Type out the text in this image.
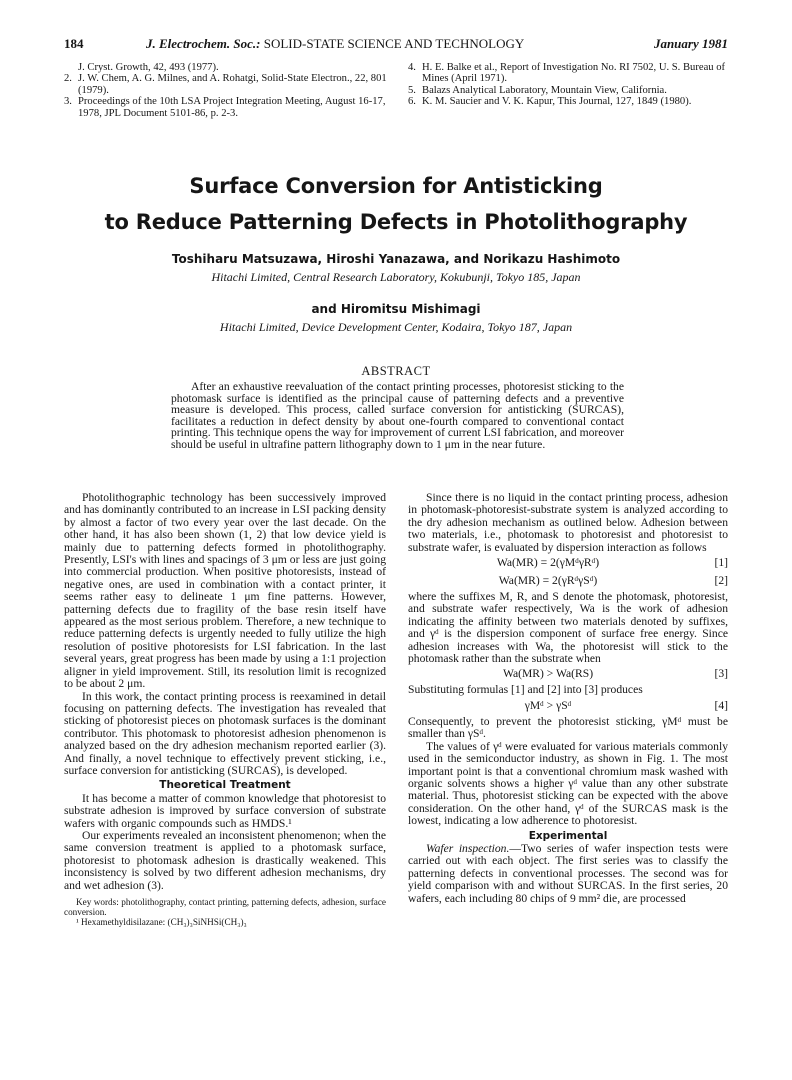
184	J. Electrochem. Soc.: SOLID-STATE SCIENCE AND TECHNOLOGY	January 1981
J. Cryst. Growth, 42, 493 (1977).
2. J. W. Chem, A. G. Milnes, and A. Rohatgi, Solid-State Electron., 22, 801 (1979).
3. Proceedings of the 10th LSA Project Integration Meeting, August 16-17, 1978, JPL Document 5101-86, p. 2-3.
4. H. E. Balke et al., Report of Investigation No. RI 7502, U. S. Bureau of Mines (April 1971).
5. Balazs Analytical Laboratory, Mountain View, California.
6. K. M. Saucier and V. K. Kapur, This Journal, 127, 1849 (1980).
Surface Conversion for Antisticking
to Reduce Patterning Defects in Photolithography
Toshiharu Matsuzawa, Hiroshi Yanazawa, and Norikazu Hashimoto
Hitachi Limited, Central Research Laboratory, Kokubunji, Tokyo 185, Japan
and Hiromitsu Mishimagi
Hitachi Limited, Device Development Center, Kodaira, Tokyo 187, Japan
ABSTRACT
After an exhaustive reevaluation of the contact printing processes, photoresist sticking to the photomask surface is identified as the principal cause of patterning defects and a preventive measure is developed. This process, called surface conversion for antisticking (SURCAS), facilitates a reduction in defect density by about one-fourth compared to conventional contact printing. This technique opens the way for improvement of current LSI fabrication, and moreover should be useful in ultrafine pattern lithography down to 1 μm in the near future.

Photolithographic technology has been successively improved and has dominantly contributed to an increase in LSI packing density by almost a factor of two every year over the last decade. On the other hand, it has also been shown (1, 2) that low device yield is mainly due to patterning defects formed in photolithography. Presently, LSI's with lines and spacings of 3 μm or less are just going into commercial production. When positive photoresists, instead of negative ones, are used in combination with a contact printer, it seems rather easy to delineate 1 μm fine patterns. However, patterning defects due to fragility of the base resin itself have appeared as the most serious problem. Therefore, a new technique to reduce patterning defects is urgently needed to fully utilize the high resolution of positive photoresists for LSI fabrication. In the last several years, great progress has been made by using a 1:1 projection aligner in yield improvement. Still, its resolution limit is recognized to be about 2 μm.

In this work, the contact printing process is reexamined in detail focusing on patterning defects. The investigation has revealed that sticking of photoresist pieces on photomask surfaces is the dominant contributor. This photomask to photoresist adhesion phenomenon is analyzed based on the dry adhesion mechanism reported earlier (3). And finally, a novel technique to effectively prevent sticking, i.e., surface conversion for antisticking (SURCAS), is developed.

Theoretical Treatment

It has become a matter of common knowledge that photoresist to substrate adhesion is improved by surface conversion of substrate wafers with organic compounds such as HMDS.¹

Our experiments revealed an inconsistent phenomenon; when the same conversion treatment is applied to a photomask surface, photoresist to photomask adhesion is drastically weakened. This inconsistency is solved by two different adhesion mechanisms, dry and wet adhesion (3).

Key words: photolithography, contact printing, patterning defects, adhesion, surface conversion.

¹ Hexamethyldisilazane: (CH₃)₃SiNHSi(CH₃)₃

Since there is no liquid in the contact printing process, adhesion in photomask-photoresist-substrate system is analyzed according to the dry adhesion mechanism as outlined below. Adhesion between two materials, i.e., photomask to photoresist and photoresist to substrate wafer, is evaluated by dispersion interaction as follows

Wa(MR) = 2(γMᵈγRᵈ)	[1]
Wa(MR) = 2(γRᵈγSᵈ)	[2]

where the suffixes M, R, and S denote the photomask, photoresist, and substrate wafer respectively, Wa is the work of adhesion indicating the affinity between two materials denoted by suffixes, and γᵈ is the dispersion component of surface free energy. Since adhesion increases with Wa, the photoresist will stick to the photomask rather than the substrate when

Wa(MR) > Wa(RS)	[3]

Substituting formulas [1] and [2] into [3] produces

γMᵈ > γSᵈ	[4]

Consequently, to prevent the photoresist sticking, γMᵈ must be smaller than γSᵈ.

The values of γᵈ were evaluated for various materials commonly used in the semiconductor industry, as shown in Fig. 1. The most important point is that a conventional chromium mask washed with organic solvents shows a higher γᵈ value than any other substrate material. Thus, photoresist sticking can be expected with the above consideration. On the other hand, γᵈ of the SURCAS mask is the lowest, indicating a low adherence to photoresist.

Experimental

Wafer inspection.—Two series of wafer inspection tests were carried out with each object. The first series was to classify the patterning defects in conventional processes. The second was for yield comparison with and without SURCAS. In the first series, 20 wafers, each including 80 chips of 9 mm² die, are processed
